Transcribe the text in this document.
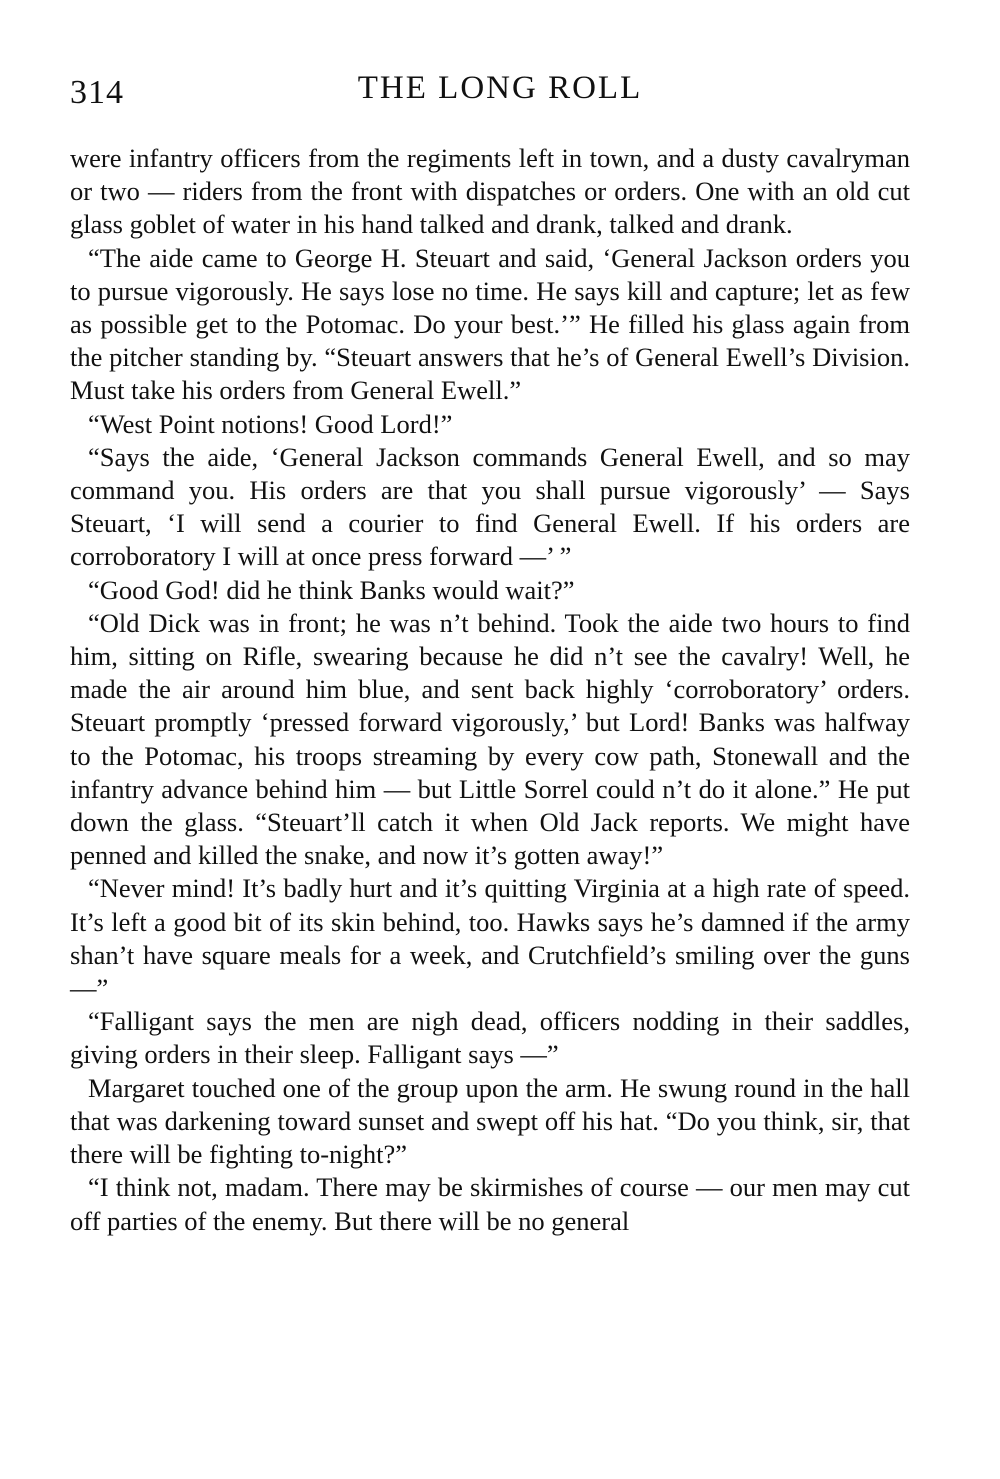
314	THE LONG ROLL

were infantry officers from the regiments left in town, and a dusty cavalryman or two — riders from the front with dispatches or orders. One with an old cut glass goblet of water in his hand talked and drank, talked and drank.

“The aide came to George H. Steuart and said, ‘General Jackson orders you to pursue vigorously. He says lose no time. He says kill and capture; let as few as possible get to the Potomac. Do your best.’” He filled his glass again from the pitcher standing by. “Steuart answers that he’s of General Ewell’s Division. Must take his orders from General Ewell.”

“West Point notions! Good Lord!”

“Says the aide, ‘General Jackson commands General Ewell, and so may command you. His orders are that you shall pursue vigorously’ — Says Steuart, ‘I will send a courier to find General Ewell. If his orders are corroboratory I will at once press forward —’ ”

“Good God! did he think Banks would wait?”

“Old Dick was in front; he was n’t behind. Took the aide two hours to find him, sitting on Rifle, swearing because he did n’t see the cavalry! Well, he made the air around him blue, and sent back highly ‘corroboratory’ orders. Steuart promptly ‘pressed forward vigorously,’ but Lord! Banks was halfway to the Potomac, his troops streaming by every cow path, Stonewall and the infantry advance behind him — but Little Sorrel could n’t do it alone.” He put down the glass. “Steuart’ll catch it when Old Jack reports. We might have penned and killed the snake, and now it’s gotten away!”

“Never mind! It’s badly hurt and it’s quitting Virginia at a high rate of speed. It’s left a good bit of its skin behind, too. Hawks says he’s damned if the army shan’t have square meals for a week, and Crutchfield’s smiling over the guns —”

“Falligant says the men are nigh dead, officers nodding in their saddles, giving orders in their sleep. Falligant says —”

Margaret touched one of the group upon the arm. He swung round in the hall that was darkening toward sunset and swept off his hat. “Do you think, sir, that there will be fighting to-night?”

“I think not, madam. There may be skirmishes of course — our men may cut off parties of the enemy. But there will be no general
